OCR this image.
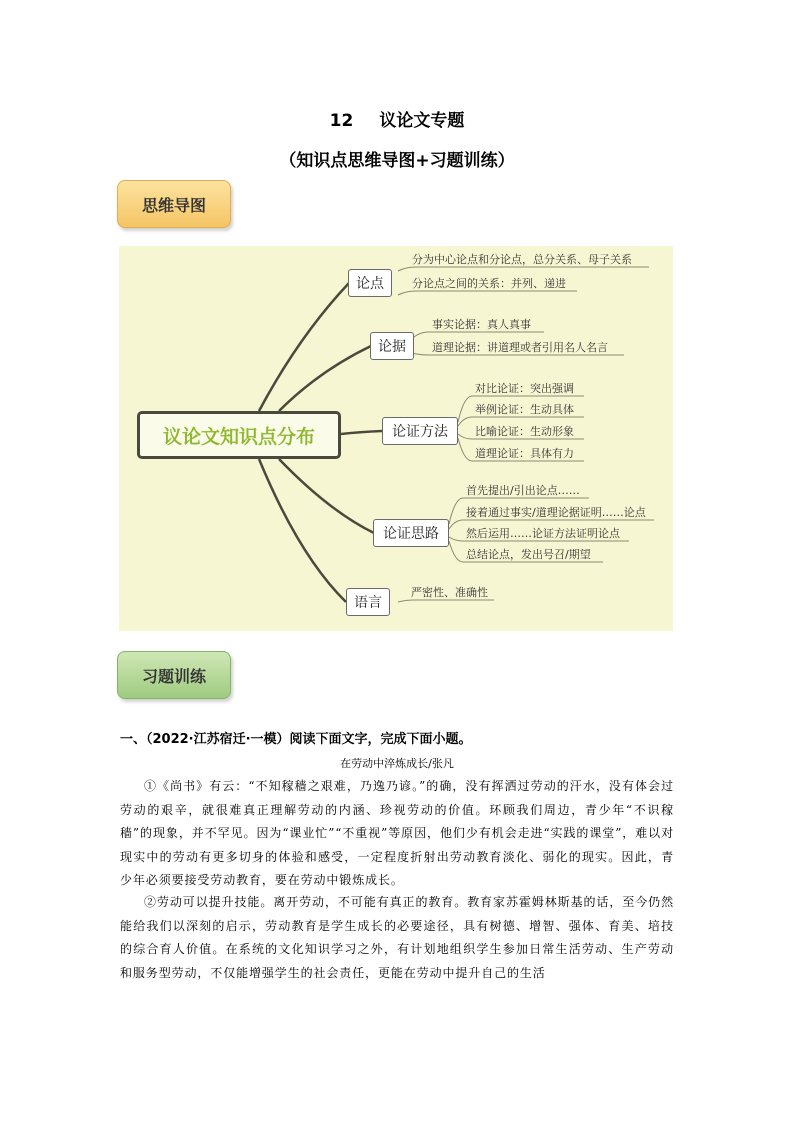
12 议论文专题
（知识点思维导图+习题训练）
思维导图
议论文知识点分布
论点
论据
论证方法
论证思路
语言
分为中心论点和分论点，总分关系、母子关系
分论点之间的关系：并列、递进
事实论据：真人真事
道理论据：讲道理或者引用名人名言
对比论证：突出强调
举例论证：生动具体
比喻论证：生动形象
道理论证：具体有力
首先提出/引出论点……
接着通过事实/道理论据证明……论点
然后运用……论证方法证明论点
总结论点，发出号召/期望
严密性、准确性
习题训练
一、（2022·江苏宿迁·一模）阅读下面文字，完成下面小题。
在劳动中淬炼成长/张凡
①《尚书》有云：“不知稼穑之艰难，乃逸乃谚。”的确，没有挥洒过劳动的汗水，没有体会过劳动的艰辛，就很难真正理解劳动的内涵、珍视劳动的价值。环顾我们周边，青少年“不识稼穑”的现象，并不罕见。因为“课业忙”“不重视”等原因，他们少有机会走进“实践的课堂”，难以对现实中的劳动有更多切身的体验和感受，一定程度折射出劳动教育淡化、弱化的现实。因此，青少年必须要接受劳动教育，要在劳动中锻炼成长。
②劳动可以提升技能。离开劳动，不可能有真正的教育。教育家苏霍姆林斯基的话，至今仍然能给我们以深刻的启示，劳动教育是学生成长的必要途径，具有树德、增智、强体、育美、培技的综合育人价值。在系统的文化知识学习之外，有计划地组织学生参加日常生活劳动、生产劳动和服务型劳动，不仅能增强学生的社会责任，更能在劳动中提升自己的生活
